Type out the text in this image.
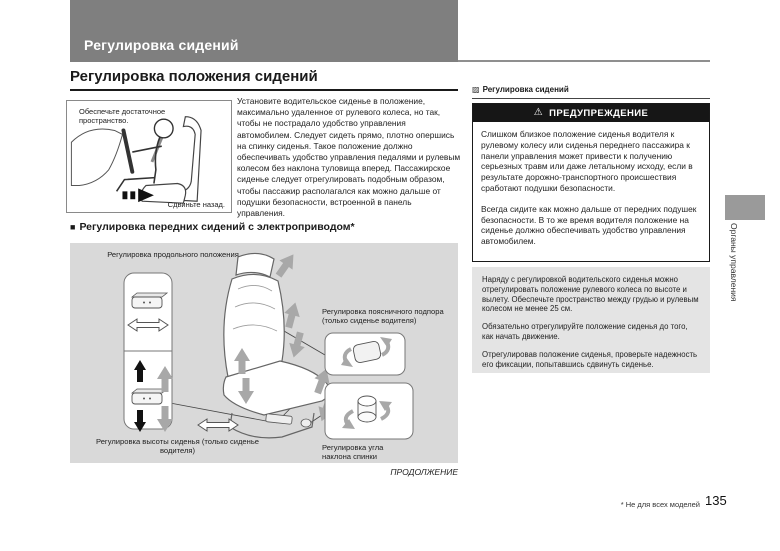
Регулировка сидений
Регулировка положения сидений
Обеспечьте достаточное пространство.
Сдвиньте назад.
Установите водительское сиденье в положение, максимально удаленное от рулевого колеса, но так, чтобы не пострадало удобство управления автомобилем. Следует сидеть прямо, плотно опершись на спинку сиденья. Такое положение должно обеспечивать удобство управления педалями и рулевым колесом без наклона туловища вперед. Пассажирское сиденье следует отрегулировать подобным образом, чтобы пассажир располагался как можно дальше от подушки безопасности, встроенной в панель управления.
■ Регулировка передних сидений с электроприводом*
Регулировка продольного положения
Регулировка поясничного подпора (только сиденье водителя)
Регулировка высоты сиденья (только сиденье водителя)	Регулировка угла наклона спинки
ПРОДОЛЖЕНИЕ
▨ Регулировка сидений
⚠ ПРЕДУПРЕЖДЕНИЕ

Слишком близкое положение сиденья водителя к рулевому колесу или сиденья переднего пассажира к панели управления может привести к получению серьезных травм или даже летальному исходу, если в результате дорожно-транспортного происшествия сработают подушки безопасности.

Всегда сидите как можно дальше от передних подушек безопасности. В то же время водителя положение на сиденье должно обеспечивать удобство управления автомобилем.

Наряду с регулировкой водительского сиденья можно отрегулировать положение рулевого колеса по высоте и вылету. Обеспечьте пространство между грудью и рулевым колесом не менее 25 см.

Обязательно отрегулируйте положение сиденья до того, как начать движение.

Отрегулировав положение сиденья, проверьте надежность его фиксации, попытавшись сдвинуть сиденье.

Органы управления
* Не для всех моделей 135
